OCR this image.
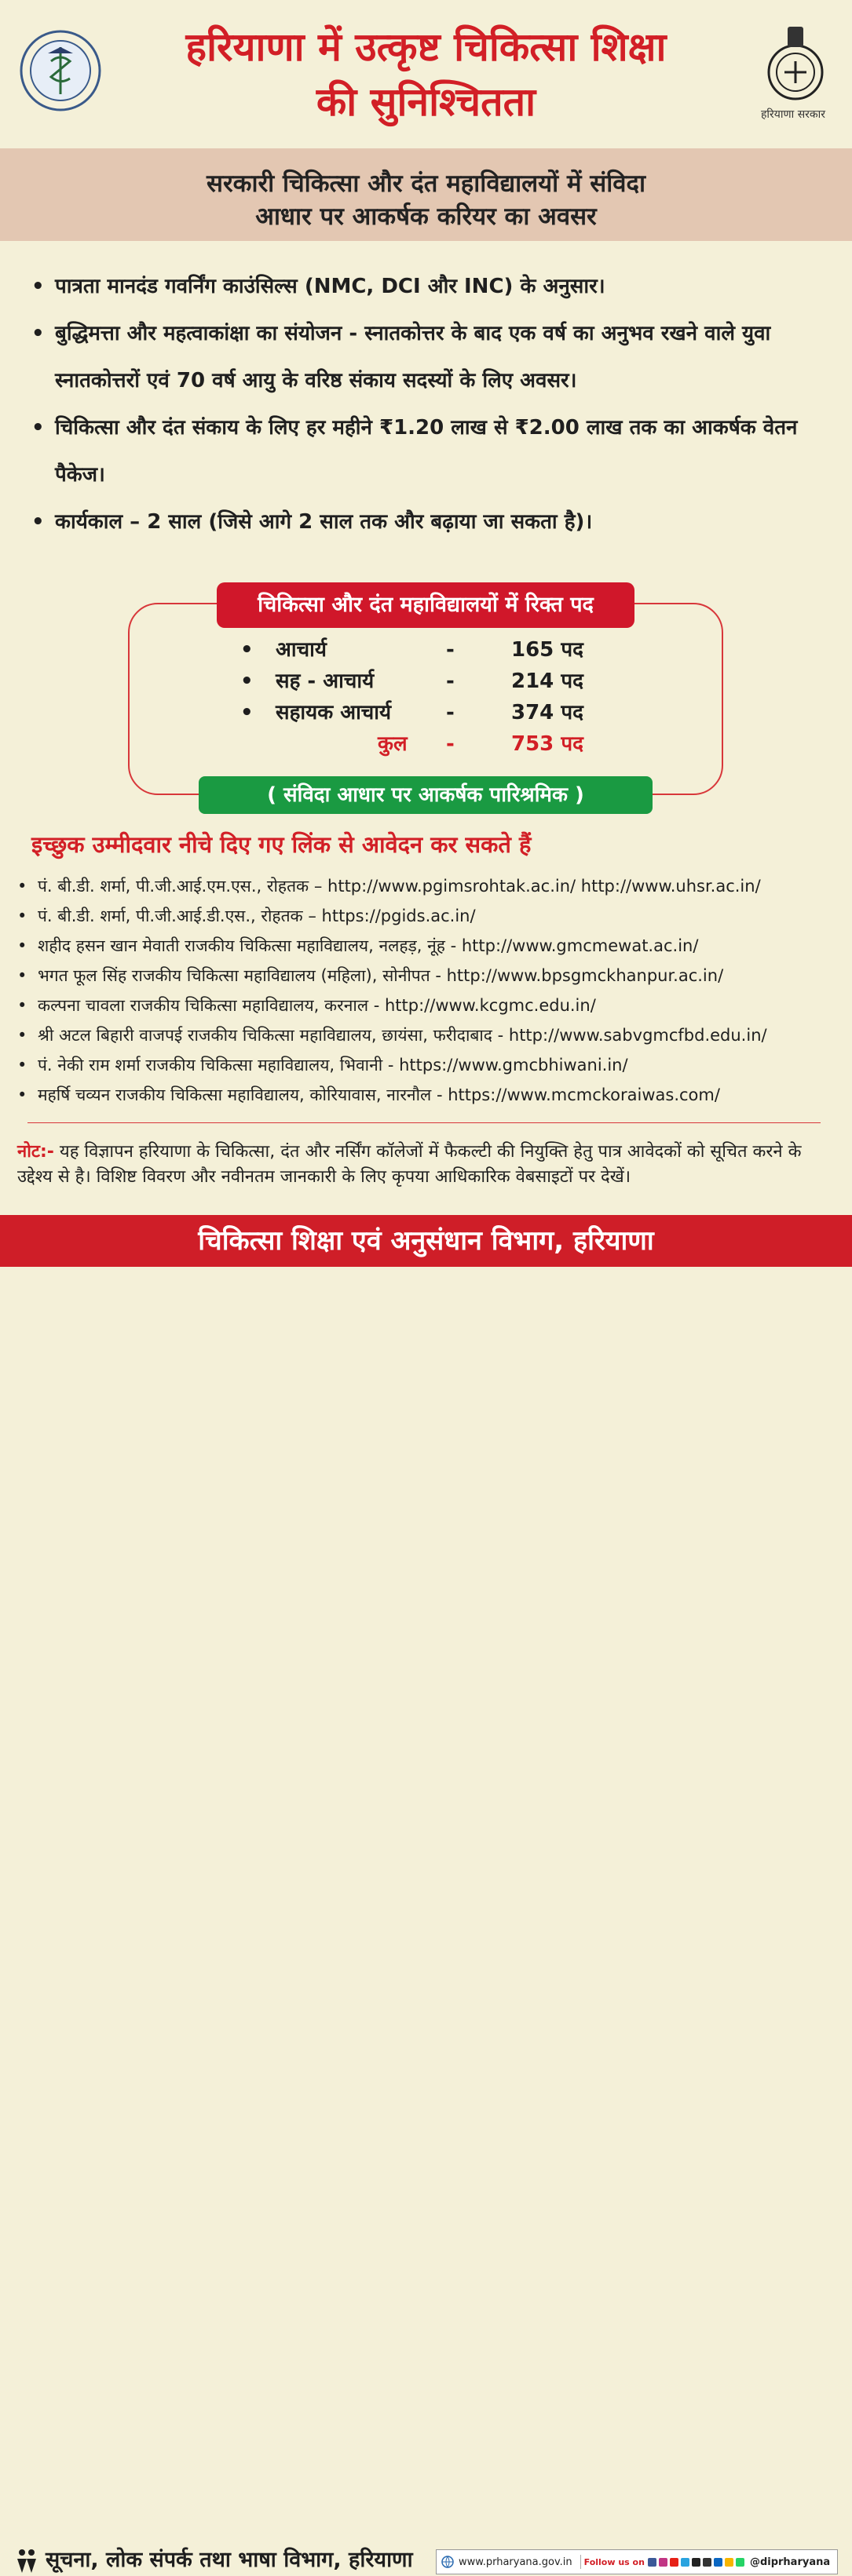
हरियाणा में उत्कृष्ट चिकित्सा शिक्षा
की सुनिश्चितता	हरियाणा सरकार
सरकारी चिकित्सा और दंत महाविद्यालयों में संविदा
आधार पर आकर्षक करियर का अवसर
• पात्रता मानदंड गवर्निंग काउंसिल्स (NMC, DCI और INC) के अनुसार।
• बुद्धिमत्ता और महत्वाकांक्षा का संयोजन - स्नातकोत्तर के बाद एक वर्ष का अनुभव रखने वाले युवा स्नातकोत्तरों एवं 70 वर्ष आयु के वरिष्ठ संकाय सदस्यों के लिए अवसर।
• चिकित्सा और दंत संकाय के लिए हर महीने ₹1.20 लाख से ₹2.00 लाख तक का आकर्षक वेतन पैकेज।
• कार्यकाल – 2 साल (जिसे आगे 2 साल तक और बढ़ाया जा सकता है)।
चिकित्सा और दंत महाविद्यालयों में रिक्त पद
• आचार्य	-	165 पद
• सह - आचार्य	-	214 पद
• सहायक आचार्य	-	374 पद
कुल -	753 पद
( संविदा आधार पर आकर्षक पारिश्रमिक )
इच्छुक उम्मीदवार नीचे दिए गए लिंक से आवेदन कर सकते हैं
• पं. बी.डी. शर्मा, पी.जी.आई.एम.एस., रोहतक – http://www.pgimsrohtak.ac.in/ http://www.uhsr.ac.in/
• पं. बी.डी. शर्मा, पी.जी.आई.डी.एस., रोहतक – https://pgids.ac.in/
• शहीद हसन खान मेवाती राजकीय चिकित्सा महाविद्यालय, नलहड़, नूंह - http://www.gmcmewat.ac.in/
• भगत फूल सिंह राजकीय चिकित्सा महाविद्यालय (महिला), सोनीपत - http://www.bpsgmckhanpur.ac.in/
• कल्पना चावला राजकीय चिकित्सा महाविद्यालय, करनाल - http://www.kcgmc.edu.in/
• श्री अटल बिहारी वाजपई राजकीय चिकित्सा महाविद्यालय, छायंसा, फरीदाबाद - http://www.sabvgmcfbd.edu.in/
• पं. नेकी राम शर्मा राजकीय चिकित्सा महाविद्यालय, भिवानी - https://www.gmcbhiwani.in/
• महर्षि चव्यन राजकीय चिकित्सा महाविद्यालय, कोरियावास, नारनौल - https://www.mcmckoraiwas.com/
नोट:- यह विज्ञापन हरियाणा के चिकित्सा, दंत और नर्सिंग कॉलेजों में फैकल्टी की नियुक्ति हेतु पात्र आवेदकों को सूचित करने के उद्देश्य से है। विशिष्ट विवरण और नवीनतम जानकारी के लिए कृपया आधिकारिक वेबसाइटों पर देखें।
चिकित्सा शिक्षा एवं अनुसंधान विभाग, हरियाणा
सूचना, लोक संपर्क तथा भाषा विभाग, हरियाणा	www.prharyana.gov.in	Follow us on	@diprharyana
